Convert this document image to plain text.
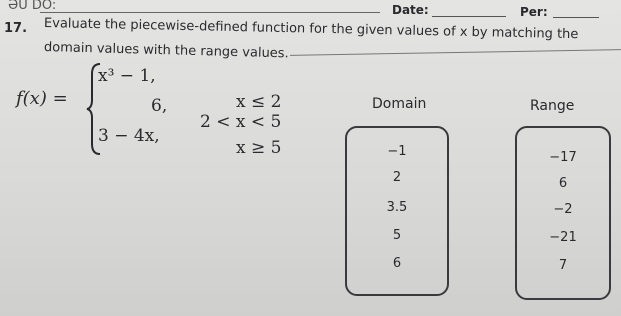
ƏU DO:	Date:	Per:
17. Evaluate the piecewise-defined function for the given values of x by matching the
domain values with the range values.
f(x) =
x³ − 1,
x ≤ 2
6,
2 < x < 5
3 − 4x,
x ≥ 5
Domain	Range
−1
2
3.5
5
6
−17
6
−2
−21
7
